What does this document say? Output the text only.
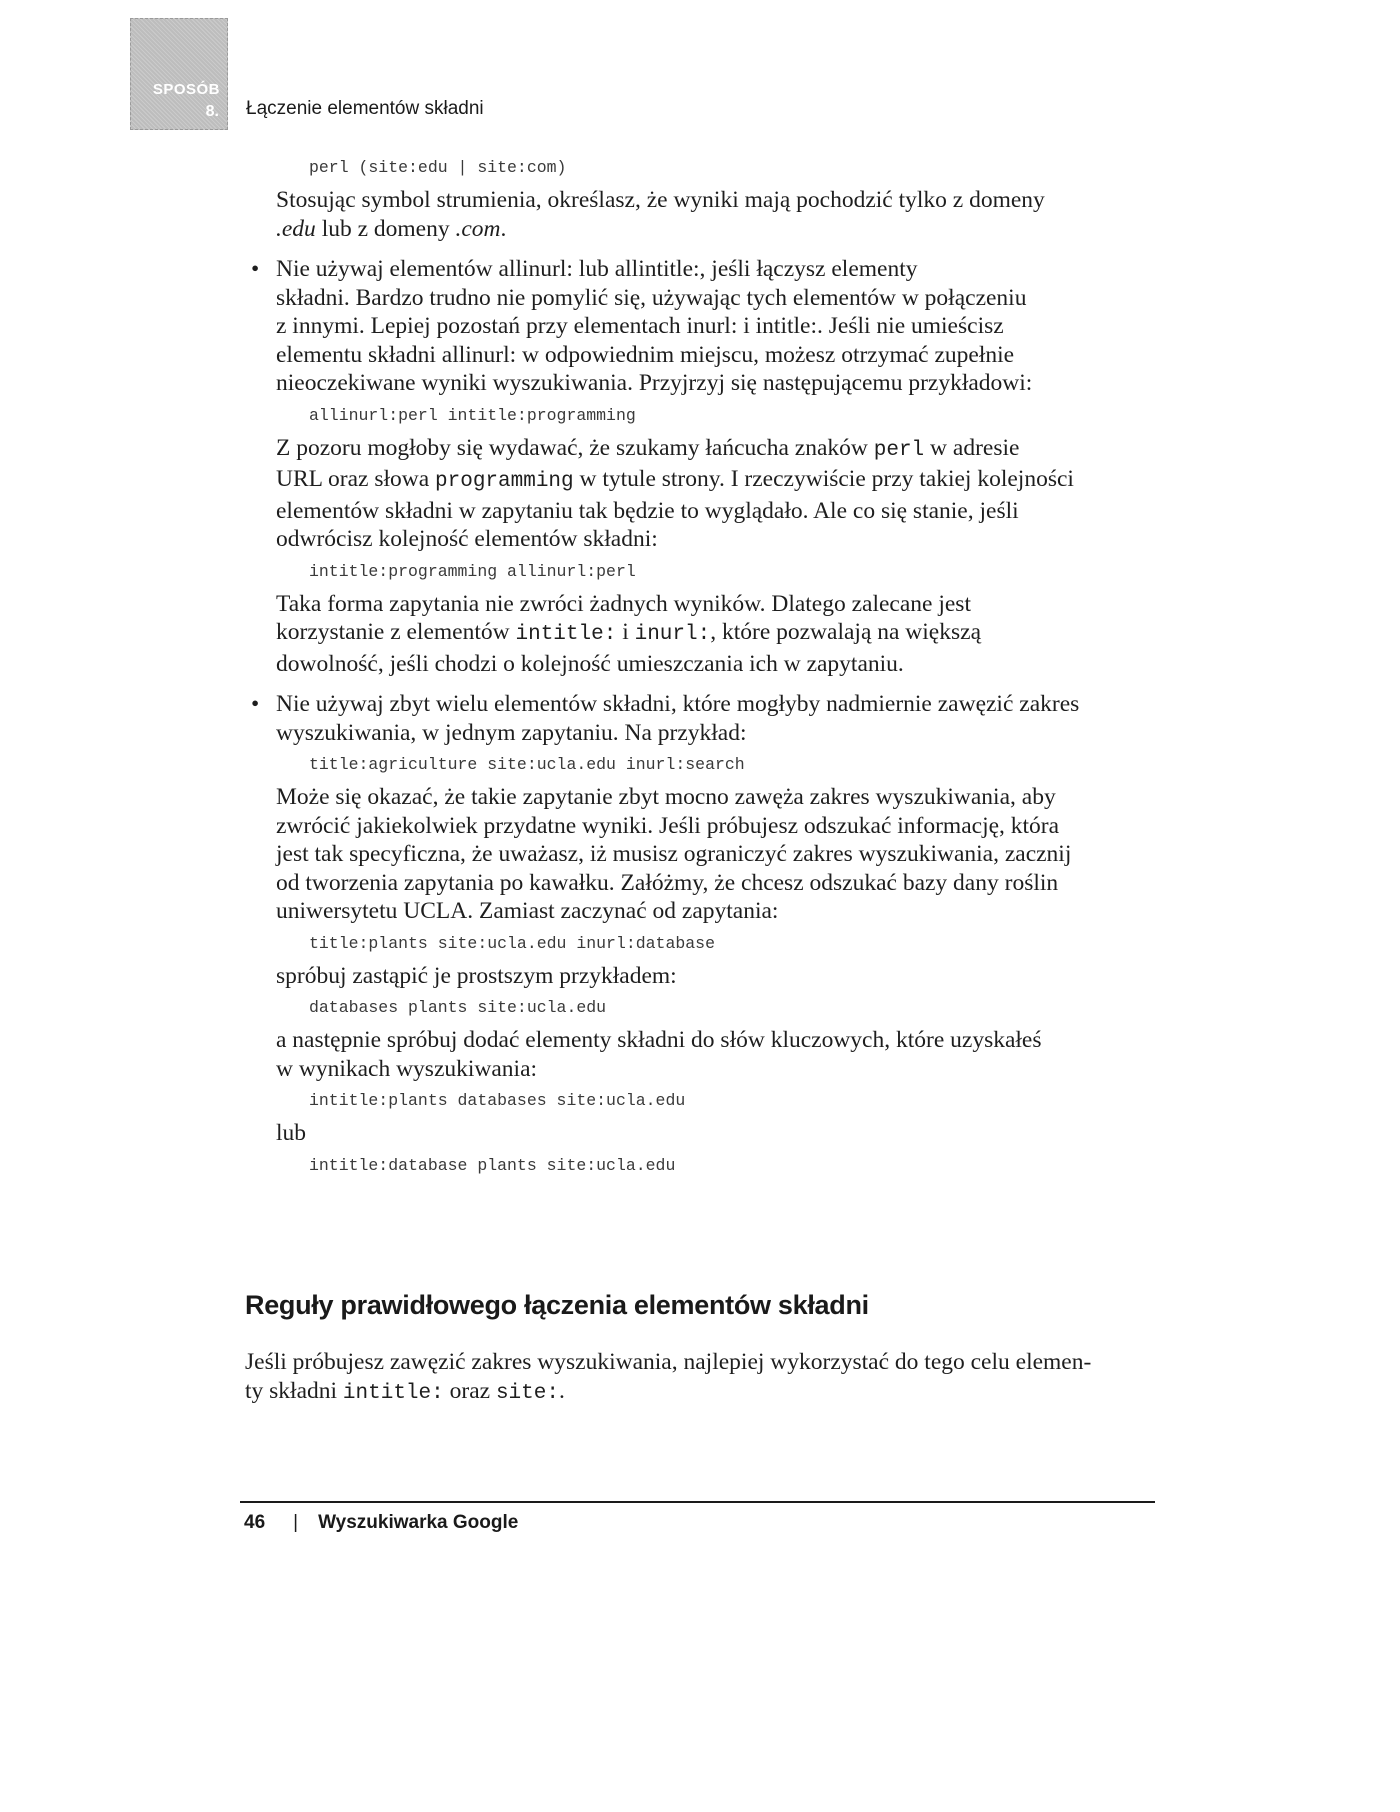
SPOSÓB
8. Łączenie elementów składni
perl (site:edu | site:com)
Stosując symbol strumienia, określasz, że wyniki mają pochodzić tylko z domeny
.edu lub z domeny .com.
• Nie używaj elementów allinurl: lub allintitle:, jeśli łączysz elementy
składni. Bardzo trudno nie pomylić się, używając tych elementów w połączeniu
z innymi. Lepiej pozostań przy elementach inurl: i intitle:. Jeśli nie umieścisz
elementu składni allinurl: w odpowiednim miejscu, możesz otrzymać zupełnie
nieoczekiwane wyniki wyszukiwania. Przyjrzyj się następującemu przykładowi:
allinurl:perl intitle:programming
Z pozoru mogłoby się wydawać, że szukamy łańcucha znaków perl w adresie
URL oraz słowa programming w tytule strony. I rzeczywiście przy takiej kolejności
elementów składni w zapytaniu tak będzie to wyglądało. Ale co się stanie, jeśli
odwrócisz kolejność elementów składni:
intitle:programming allinurl:perl
Taka forma zapytania nie zwróci żadnych wyników. Dlatego zalecane jest
korzystanie z elementów intitle: i inurl:, które pozwalają na większą
dowolność, jeśli chodzi o kolejność umieszczania ich w zapytaniu.
• Nie używaj zbyt wielu elementów składni, które mogłyby nadmiernie zawęzić zakres
wyszukiwania, w jednym zapytaniu. Na przykład:
title:agriculture site:ucla.edu inurl:search
Może się okazać, że takie zapytanie zbyt mocno zawęża zakres wyszukiwania, aby
zwrócić jakiekolwiek przydatne wyniki. Jeśli próbujesz odszukać informację, która
jest tak specyficzna, że uważasz, iż musisz ograniczyć zakres wyszukiwania, zacznij
od tworzenia zapytania po kawałku. Załóżmy, że chcesz odszukać bazy dany roślin
uniwersytetu UCLA. Zamiast zaczynać od zapytania:
title:plants site:ucla.edu inurl:database
spróbuj zastąpić je prostszym przykładem:
databases plants site:ucla.edu
a następnie spróbuj dodać elementy składni do słów kluczowych, które uzyskałeś
w wynikach wyszukiwania:
intitle:plants databases site:ucla.edu
lub
intitle:database plants site:ucla.edu
Reguły prawidłowego łączenia elementów składni
Jeśli próbujesz zawęzić zakres wyszukiwania, najlepiej wykorzystać do tego celu elemen-
ty składni intitle: oraz site:.
46 | Wyszukiwarka Google
